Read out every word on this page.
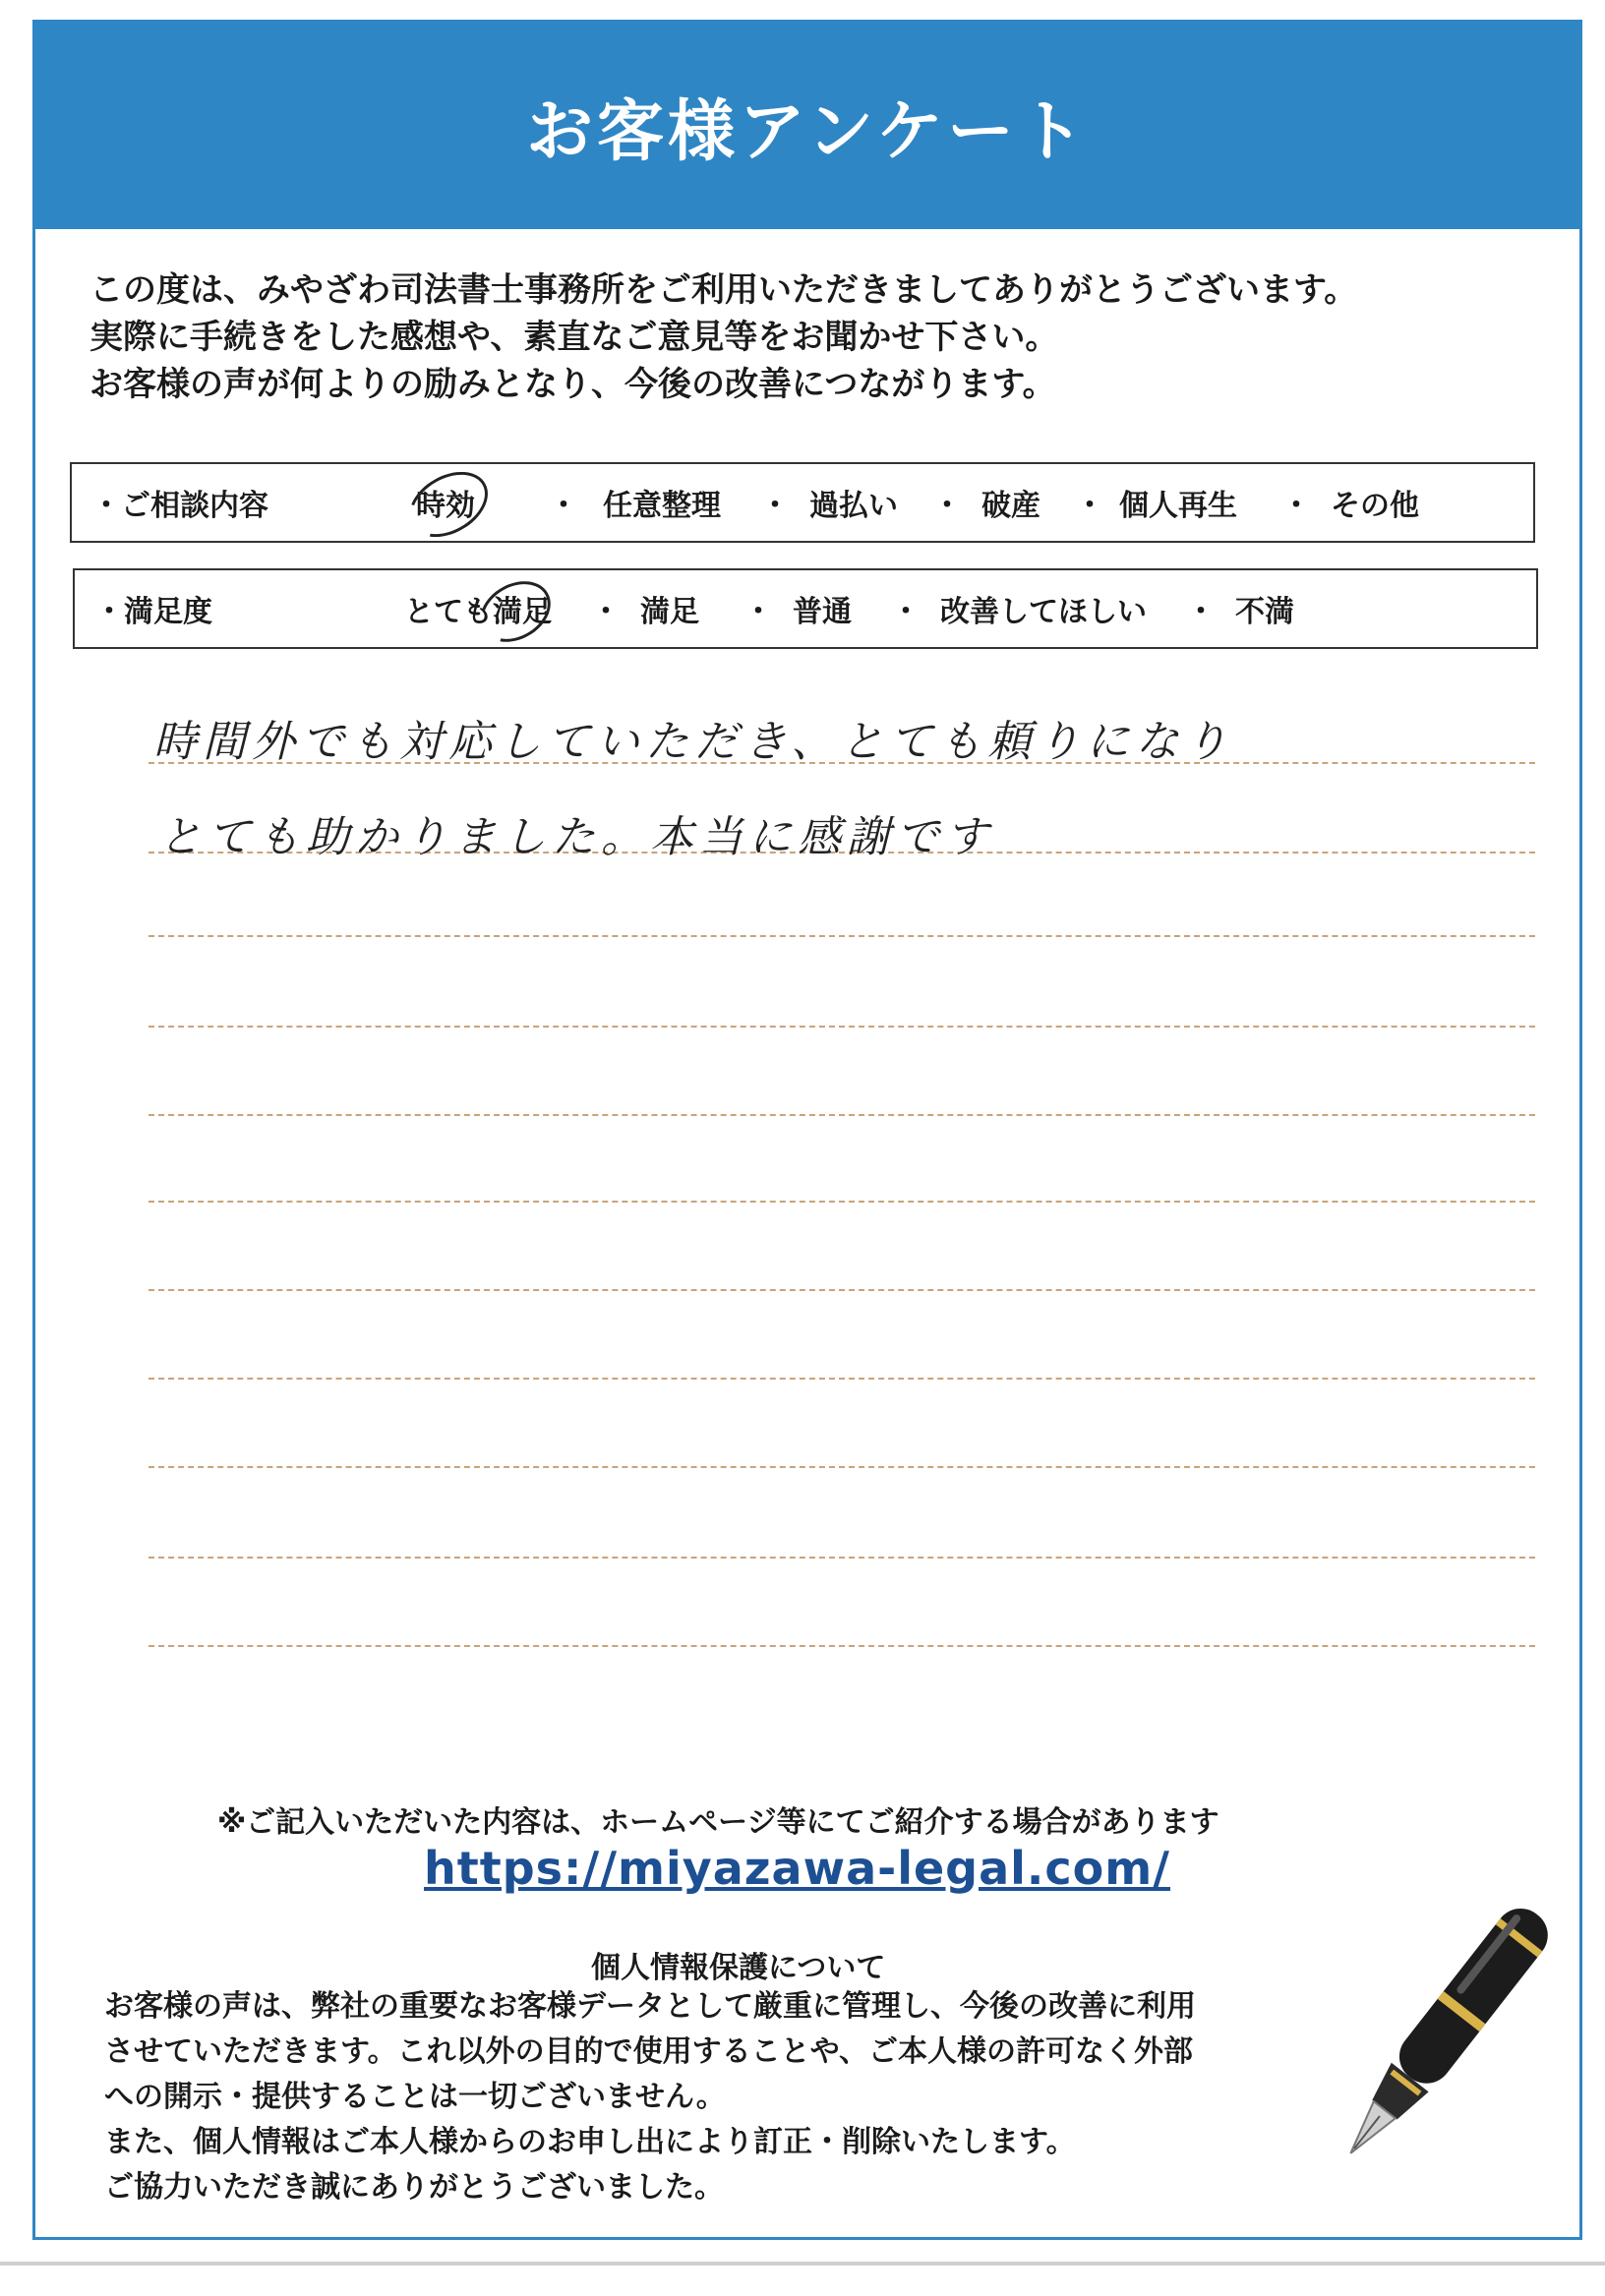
お客様アンケート
この度は、みやざわ司法書士事務所をご利用いただきましてありがとうございます。
実際に手続きをした感想や、素直なご意見等をお聞かせ下さい。
お客様の声が何よりの励みとなり、今後の改善につながります。
・ご相談内容	時効	・ 任意整理 ・ 過払い ・ 破産 ・ 個人再生 ・ その他
・満足度	とても満足 ・ 満足 ・ 普通 ・ 改善してほしい ・ 不満
時間外でも対応していただき、とても頼りになり
とても助かりました。本当に感謝です
※ご記入いただいた内容は、ホームページ等にてご紹介する場合があります
https://miyazawa-legal.com/
個人情報保護について
お客様の声は、弊社の重要なお客様データとして厳重に管理し、今後の改善に利用
させていただきます。これ以外の目的で使用することや、ご本人様の許可なく外部
への開示・提供することは一切ございません。
また、個人情報はご本人様からのお申し出により訂正・削除いたします。
ご協力いただき誠にありがとうございました。
